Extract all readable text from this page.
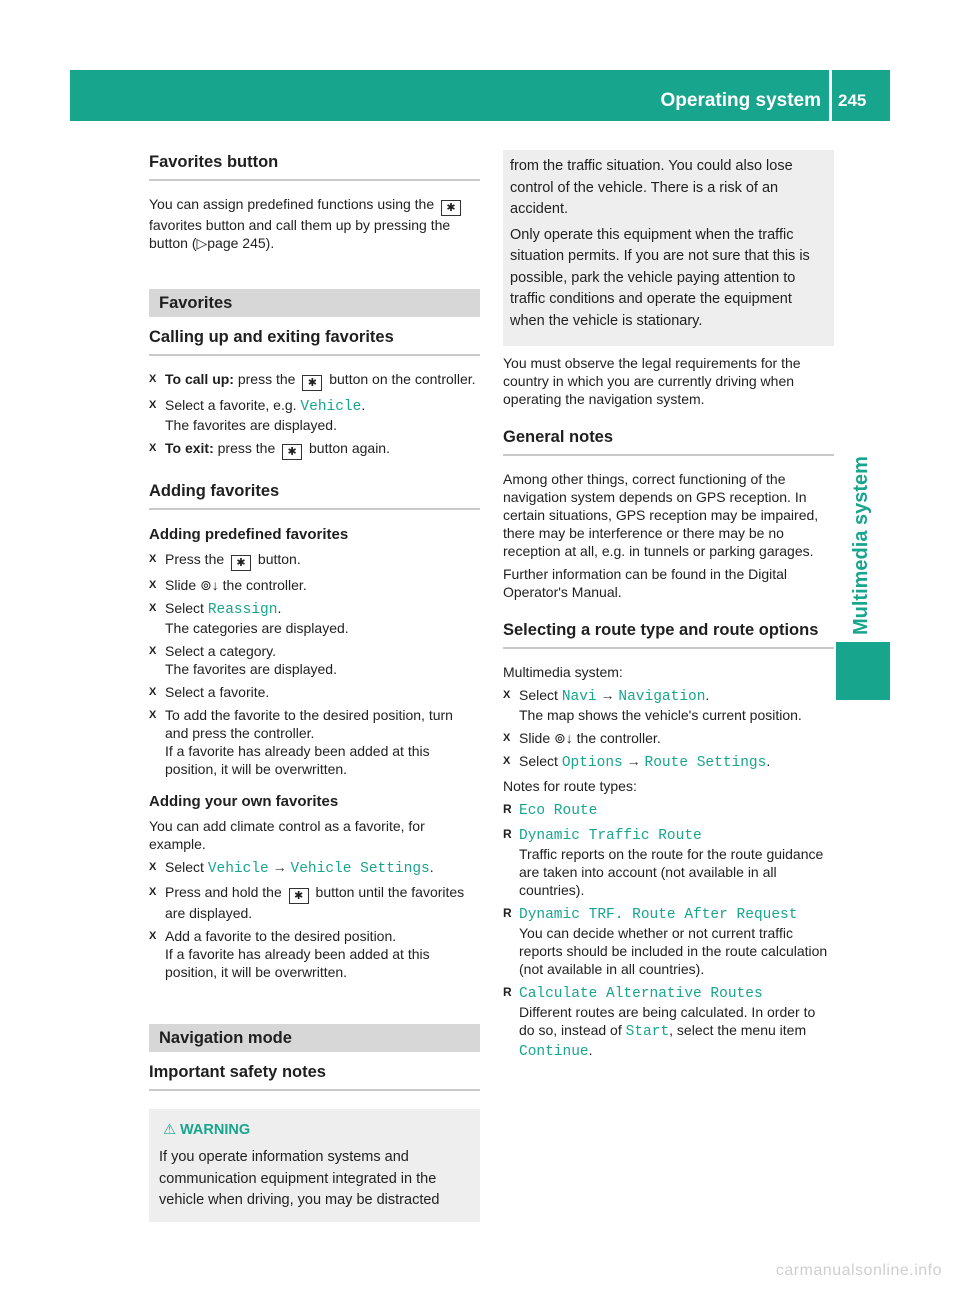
Operating system 245
Multimedia system
Favorites button

You can assign predefined functions using the ✱ favorites button and call them up by pressing the button (▷page 245).

Favorites
Calling up and exiting favorites
X To call up: press the ✱ button on the controller.
X Select a favorite, e.g. Vehicle.
The favorites are displayed.
X To exit: press the ✱ button again.
Adding favorites
Adding predefined favorites
X Press the ✱ button.
X Slide ⊚↓ the controller.
X Select Reassign.
The categories are displayed.
X Select a category.
The favorites are displayed.
X Select a favorite.
X To add the favorite to the desired position, turn and press the controller.
If a favorite has already been added at this position, it will be overwritten.
Adding your own favorites

You can add climate control as a favorite, for example.

X Select Vehicle → Vehicle Settings.
X Press and hold the ✱ button until the favorites are displayed.
X Add a favorite to the desired position.
If a favorite has already been added at this position, it will be overwritten.
Navigation mode
Important safety notes
⚠ WARNING
If you operate information systems and communication equipment integrated in the vehicle when driving, you may be distracted

from the traffic situation. You could also lose control of the vehicle. There is a risk of an accident.

Only operate this equipment when the traffic situation permits. If you are not sure that this is possible, park the vehicle paying attention to traffic conditions and operate the equipment when the vehicle is stationary.

You must observe the legal requirements for the country in which you are currently driving when operating the navigation system.

General notes

Among other things, correct functioning of the navigation system depends on GPS reception. In certain situations, GPS reception may be impaired, there may be interference or there may be no reception at all, e.g. in tunnels or parking garages.

Further information can be found in the Digital Operator's Manual.

Selecting a route type and route options

Multimedia system:

X Select Navi → Navigation.
The map shows the vehicle's current position.
X Slide ⊚↓ the controller.
X Select Options → Route Settings.

Notes for route types:

R Eco Route
R Dynamic Traffic Route
Traffic reports on the route for the route guidance are taken into account (not available in all countries).
R Dynamic TRF. Route After Request
You can decide whether or not current traffic reports should be included in the route calculation (not available in all countries).
R Calculate Alternative Routes
Different routes are being calculated. In order to do so, instead of Start, select the menu item Continue.
carmanualsonline.info
